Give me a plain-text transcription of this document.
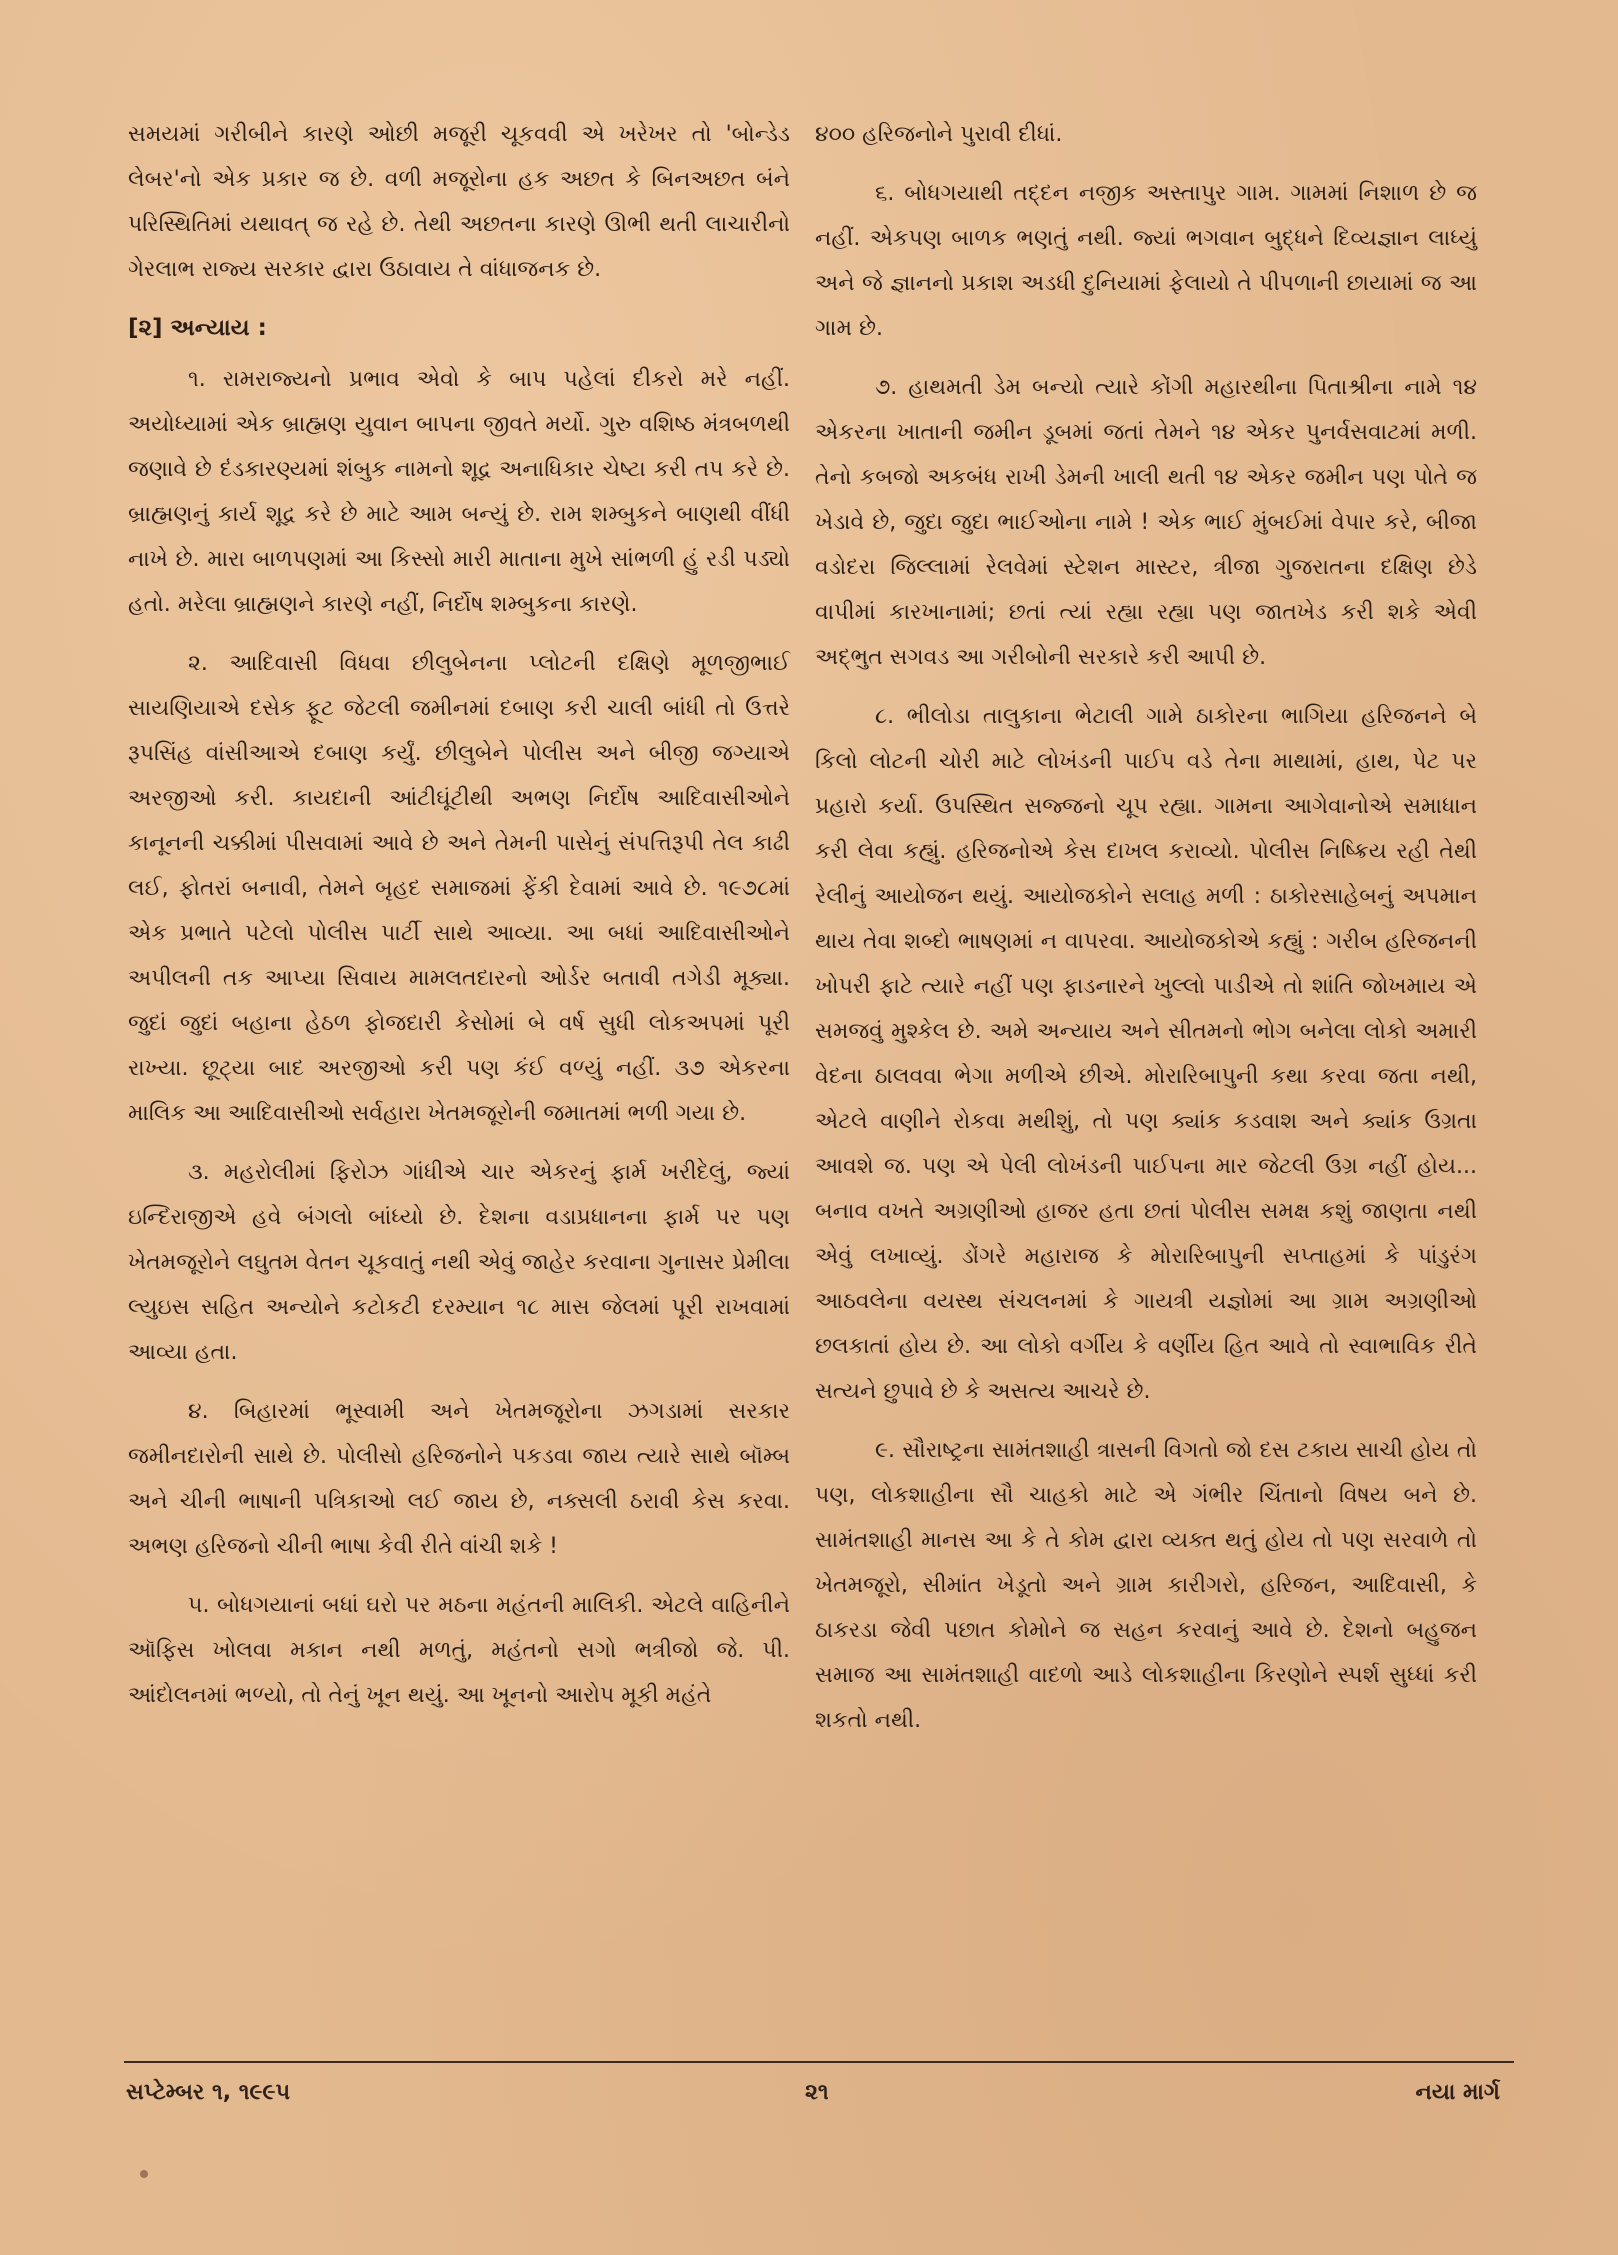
સમયમાં ગરીબીને કારણે ઓછી મજૂરી ચૂકવવી એ ખરેખર તો 'બોન્ડેડ લેબર'નો એક પ્રકાર જ છે. વળી મજૂરોના હક અછત કે બિનઅછત બંને પરિસ્થિતિમાં યથાવત્ જ રહે છે. તેથી અછતના કારણે ઊભી થતી લાચારીનો ગેરલાભ રાજ્ય સરકાર દ્વારા ઉઠાવાય તે વાંધાજનક છે.

[૨] અન્યાય :

૧. રામરાજ્યનો પ્રભાવ એવો કે બાપ પહેલાં દીકરો મરે નહીં. અયોધ્યામાં એક બ્રાહ્મણ યુવાન બાપના જીવતે મર્યો. ગુરુ વશિષ્ઠ મંત્રબળથી જણાવે છે દંડકારણ્યમાં શંબુક નામનો શૂદ્ર અનાધિકાર ચેષ્ટા કરી તપ કરે છે. બ્રાહ્મણનું કાર્ય શૂદ્ર કરે છે માટે આમ બન્યું છે. રામ શમ્બુકને બાણથી વીંધી નાખે છે. મારા બાળપણમાં આ કિસ્સો મારી માતાના મુખે સાંભળી હું રડી પડ્યો હતો. મરેલા બ્રાહ્મણને કારણે નહીં, નિર્દોષ શમ્બુકના કારણે.

૨. આદિવાસી વિધવા છીલુબેનના પ્લોટની દક્ષિણે મૂળજીભાઈ સાયણિયાએ દસેક ફૂટ જેટલી જમીનમાં દબાણ કરી ચાલી બાંધી તો ઉત્તરે રૂપસિંહ વાંસીઆએ દબાણ કર્યું. છીલુબેને પોલીસ અને બીજી જગ્યાએ અરજીઓ કરી. કાયદાની આંટીઘૂંટીથી અભણ નિર્દોષ આદિવાસીઓને કાનૂનની ચક્કીમાં પીસવામાં આવે છે અને તેમની પાસેનું સંપત્તિરૂપી તેલ કાઢી લઈ, ફોતરાં બનાવી, તેમને બૃહદ સમાજમાં ફેંકી દેવામાં આવે છે. ૧૯૭૮માં એક પ્રભાતે પટેલો પોલીસ પાર્ટી સાથે આવ્યા. આ બધાં આદિવાસીઓને અપીલની તક આપ્યા સિવાય મામલતદારનો ઓર્ડર બતાવી તગેડી મૂક્યા. જુદાં જુદાં બહાના હેઠળ ફોજદારી કેસોમાં બે વર્ષ સુધી લોકઅપમાં પૂરી રાખ્યા. છૂટ્યા બાદ અરજીઓ કરી પણ કંઈ વળ્યું નહીં. ૩૭ એકરના માલિક આ આદિવાસીઓ સર્વહારા ખેતમજૂરોની જમાતમાં ભળી ગયા છે.

૩. મહરોલીમાં ફિરોઝ ગાંધીએ ચાર એકરનું ફાર્મ ખરીદેલું, જ્યાં ઇન્દિરાજીએ હવે બંગલો બાંધ્યો છે. દેશના વડાપ્રધાનના ફાર્મ પર પણ ખેતમજૂરોને લઘુતમ વેતન ચૂકવાતું નથી એવું જાહેર કરવાના ગુનાસર પ્રેમીલા લ્યુઇસ સહિત અન્યોને કટોકટી દરમ્યાન ૧૮ માસ જેલમાં પૂરી રાખવામાં આવ્યા હતા.

૪. બિહારમાં ભૂસ્વામી અને ખેતમજૂરોના ઝગડામાં સરકાર જમીનદારોની સાથે છે. પોલીસો હરિજનોને પકડવા જાય ત્યારે સાથે બૉમ્બ અને ચીની ભાષાની પત્રિકાઓ લઈ જાય છે, નક્સલી ઠરાવી કેસ કરવા. અભણ હરિજનો ચીની ભાષા કેવી રીતે વાંચી શકે !

૫. બોધગયાનાં બધાં ઘરો પર મઠના મહંતની માલિકી. એટલે વાહિનીને ઑફિસ ખોલવા મકાન નથી મળતું, મહંતનો સગો ભત્રીજો જે. પી. આંદોલનમાં ભળ્યો, તો તેનું ખૂન થયું. આ ખૂનનો આરોપ મૂકી મહંતે

૪૦૦ હરિજનોને પુરાવી દીધાં.

૬. બોધગયાથી તદ્દન નજીક અસ્તાપુર ગામ. ગામમાં નિશાળ છે જ નહીં. એકપણ બાળક ભણતું નથી. જ્યાં ભગવાન બુદ્ધને દિવ્યજ્ઞાન લાધ્યું અને જે જ્ઞાનનો પ્રકાશ અડધી દુનિયામાં ફેલાયો તે પીપળાની છાયામાં જ આ ગામ છે.

૭. હાથમતી ડેમ બન્યો ત્યારે કોંગી મહારથીના પિતાશ્રીના નામે ૧૪ એકરના ખાતાની જમીન ડૂબમાં જતાં તેમને ૧૪ એકર પુનર્વસવાટમાં મળી. તેનો કબજો અકબંધ રાખી ડેમની ખાલી થતી ૧૪ એકર જમીન પણ પોતે જ ખેડાવે છે, જુદા જુદા ભાઈઓના નામે ! એક ભાઈ મુંબઈમાં વેપાર કરે, બીજા વડોદરા જિલ્લામાં રેલવેમાં સ્ટેશન માસ્ટર, ત્રીજા ગુજરાતના દક્ષિણ છેડે વાપીમાં કારખાનામાં; છતાં ત્યાં રહ્યા રહ્યા પણ જાતખેડ કરી શકે એવી અદ્ભુત સગવડ આ ગરીબોની સરકારે કરી આપી છે.

૮. ભીલોડા તાલુકાના ભેટાલી ગામે ઠાકોરના ભાગિયા હરિજનને બે કિલો લોટની ચોરી માટે લોખંડની પાઈપ વડે તેના માથામાં, હાથ, પેટ પર પ્રહારો કર્યા. ઉપસ્થિત સજ્જનો ચૂપ રહ્યા. ગામના આગેવાનોએ સમાધાન કરી લેવા કહ્યું. હરિજનોએ કેસ દાખલ કરાવ્યો. પોલીસ નિષ્ક્રિય રહી તેથી રેલીનું આયોજન થયું. આયોજકોને સલાહ મળી : ઠાકોરસાહેબનું અપમાન થાય તેવા શબ્દો ભાષણમાં ન વાપરવા. આયોજકોએ કહ્યું : ગરીબ હરિજનની ખોપરી ફાટે ત્યારે નહીં પણ ફાડનારને ખુલ્લો પાડીએ તો શાંતિ જોખમાય એ સમજવું મુશ્કેલ છે. અમે અન્યાય અને સીતમનો ભોગ બનેલા લોકો અમારી વેદના ઠાલવવા ભેગા મળીએ છીએ. મોરારિબાપુની કથા કરવા જતા નથી, એટલે વાણીને રોકવા મથીશું, તો પણ ક્યાંક કડવાશ અને ક્યાંક ઉગ્રતા આવશે જ. પણ એ પેલી લોખંડની પાઈપના માર જેટલી ઉગ્ર નહીં હોય... બનાવ વખતે અગ્રણીઓ હાજર હતા છતાં પોલીસ સમક્ષ કશું જાણતા નથી એવું લખાવ્યું. ડોંગરે મહારાજ કે મોરારિબાપુની સપ્તાહમાં કે પાંડુરંગ આઠવલેના વયસ્થ સંચલનમાં કે ગાયત્રી યજ્ઞોમાં આ ગ્રામ અગ્રણીઓ છલકાતાં હોય છે. આ લોકો વર્ગીય કે વર્ણીય હિત આવે તો સ્વાભાવિક રીતે સત્યને છુપાવે છે કે અસત્ય આચરે છે.

૯. સૌરાષ્ટ્રના સામંતશાહી ત્રાસની વિગતો જો દસ ટકાય સાચી હોય તો પણ, લોકશાહીના સૌ ચાહકો માટે એ ગંભીર ચિંતાનો વિષય બને છે. સામંતશાહી માનસ આ કે તે કોમ દ્વારા વ્યક્ત થતું હોય તો પણ સરવાળે તો ખેતમજૂરો, સીમાંત ખેડૂતો અને ગ્રામ કારીગરો, હરિજન, આદિવાસી, કે ઠાકરડા જેવી પછાત કોમોને જ સહન કરવાનું આવે છે. દેશનો બહુજન સમાજ આ સામંતશાહી વાદળો આડે લોકશાહીના કિરણોને સ્પર્શ સુધ્ધાં કરી શકતો નથી.

સપ્ટેમ્બર ૧, ૧૯૯૫	૨૧	નયા માર્ગ
